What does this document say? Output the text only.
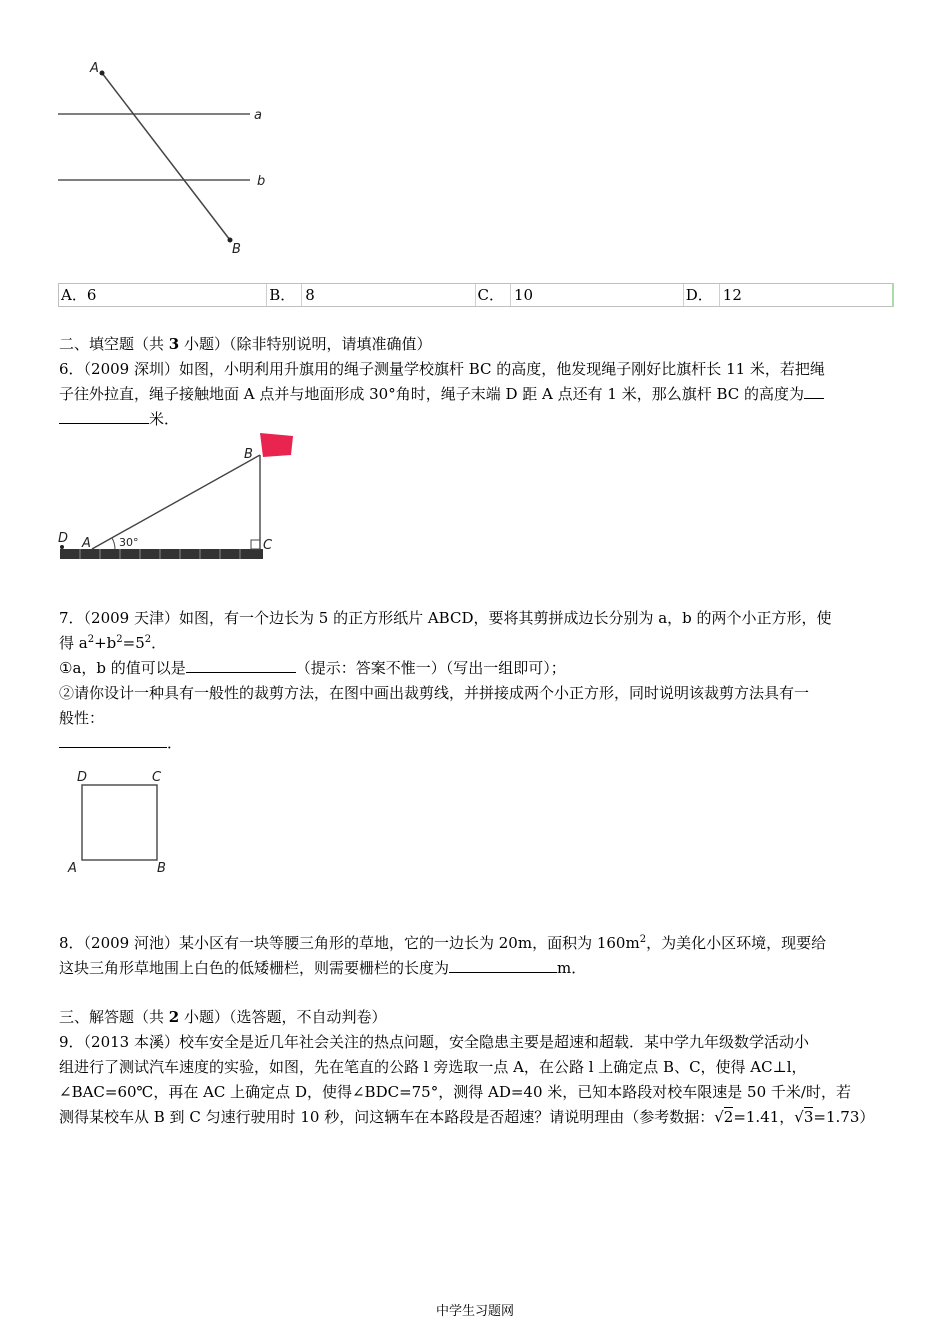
A
B
a
b
A． 6	B． 8	C． 10	D． 12
二、填空题（共 3 小题）（除非特别说明，请填准确值）
6．（2009 深圳）如图，小明利用升旗用的绳子测量学校旗杆 BC 的高度，他发现绳子刚好比旗杆长 11 米，若把绳
子往外拉直，绳子接触地面 A 点并与地面形成 30°角时，绳子末端 D 距 A 点还有 1 米，那么旗杆 BC 的高度为
米．
B
C
D A	30°
7．（2009 天津）如图，有一个边长为 5 的正方形纸片 ABCD，要将其剪拼成边长分别为 a，b 的两个小正方形，使
得 $a^2+b^2=5^2$．
①a，b 的值可以是	（提示：答案不惟一）（写出一组即可）；
②请你设计一种具有一般性的裁剪方法，在图中画出裁剪线，并拼接成两个小正方形，同时说明该裁剪方法具有一
般性：
．
D	C
A	B
8．（2009 河池）某小区有一块等腰三角形的草地，它的一边长为 20m，面积为 $160m^2$，为美化小区环境，现要给
这块三角形草地围上白色的低矮栅栏，则需要栅栏的长度为	m．
三、解答题（共 2 小题）（选答题，不自动判卷）
9．（2013 本溪）校车安全是近几年社会关注的热点问题，安全隐患主要是超速和超载．某中学九年级数学活动小
组进行了测试汽车速度的实验，如图，先在笔直的公路 l 旁选取一点 A，在公路 l 上确定点 B、C，使得 AC⊥l，
∠BAC=60℃，再在 AC 上确定点 D，使得∠BDC=75°，测得 AD=40 米，已知本路段对校车限速是 50 千米/时，若
测得某校车从 B 到 C 匀速行驶用时 10 秒，问这辆车在本路段是否超速？请说明理由（参考数据：√2=1.41，√3=1.73）
中学生习题网
